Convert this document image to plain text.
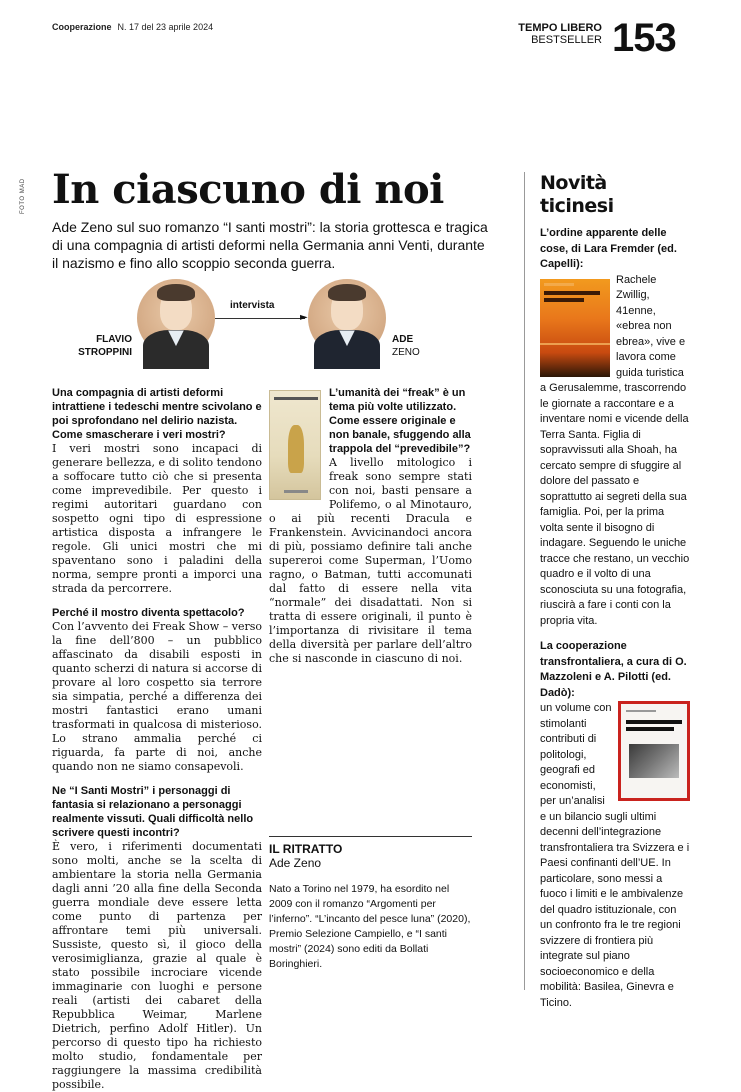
Cooperazione N. 17 del 23 aprile 2024	TEMPO LIBERO
BESTSELLER 153
FOTO MAD In ciascuno di noi

Ade Zeno sul suo romanzo “I santi mostri”: la storia grottesca e tragica di una compagnia di artisti deformi nella Germania anni Venti, durante il nazismo e fino allo scoppio seconda guerra.

FLAVIO
STROPPINI
intervista
►
ADE
ZENO

Una compagnia di artisti deformi intrattiene i tedeschi mentre scivolano e poi sprofondano nel delirio nazista. Come smascherare i veri mostri?

I veri mostri sono incapaci di generare bellezza, e di solito tendono a soffocare tutto ciò che si presenta come imprevedibile. Per questo i regimi autoritari guardano con sospetto ogni tipo di espressione artistica disposta a infrangere le regole. Gli unici mostri che mi spaventano sono i paladini della norma, sempre pronti a imporci una strada da percorrere.

Perché il mostro diventa spettacolo?

Con l’avvento dei Freak Show – verso la fine dell’800 – un pubblico affascinato da disabili esposti in quanto scherzi di natura si accorse di provare al loro cospetto sia terrore sia simpatia, perché a differenza dei mostri fantastici erano umani trasformati in qualcosa di misterioso. Lo strano ammalia perché ci riguarda, fa parte di noi, anche quando non ne siamo consapevoli.

Ne “I Santi Mostri” i personaggi di fantasia si relazionano a personaggi realmente vissuti. Quali difficoltà nello scrivere questi incontri?

È vero, i riferimenti documentati sono molti, anche se la scelta di ambientare la storia nella Germania dagli anni ’20 alla fine della Seconda guerra mondiale deve essere letta come punto di partenza per affrontare temi più universali. Sussiste, questo sì, il gioco della verosimiglianza, grazie al quale è stato possibile incrociare vicende immaginarie con luoghi e persone reali (artisti dei cabaret della Repubblica Weimar, Marlene Dietrich, perfino Adolf Hitler). Un percorso di questo tipo ha richiesto molto studio, fondamentale per raggiungere la massima credibilità possibile.

L’umanità dei “freak” è un tema più volte utilizzato. Come essere originale e non banale, sfuggendo alla trappola del “prevedibile”?

A livello mitologico i freak sono sempre stati con noi, basti pensare a Polifemo, o al Minotauro, o ai più recenti Dracula e Frankenstein. Avvicinandoci ancora di più, possiamo definire tali anche supereroi come Superman, l’Uomo ragno, o Batman, tutti accomunati dal fatto di essere nella vita “normale” dei disadattati. Non si tratta di essere originali, il punto è l’importanza di rivisitare il tema della diversità per parlare dell’altro che si nasconde in ciascuno di noi.

IL RITRATTO
Ade Zeno

Nato a Torino nel 1979, ha esordito nel 2009 con il romanzo “Argomenti per l’inferno”. “L’incanto del pesce luna” (2020), Premio Selezione Campiello, e “I santi mostri” (2024) sono editi da Bollati Boringhieri.

Novità
ticinesi

L’ordine apparente delle cose, di Lara Fremder (ed. Capelli):

Rachele Zwillig, 41enne, «ebrea non ebrea», vive e lavora come guida turistica a Gerusalemme, trascorrendo le giornate a raccontare e a inventare nomi e vicende della Terra Santa. Figlia di sopravvissuti alla Shoah, ha cercato sempre di sfuggire al dolore del passato e soprattutto ai segreti della sua famiglia. Poi, per la prima volta sente il bisogno di indagare. Seguendo le uniche tracce che restano, un vecchio quadro e il volto di una sconosciuta su una fotografia, riuscirà a fare i conti con la propria vita.

La cooperazione transfrontaliera, a cura di O. Mazzoleni e A. Pilotti (ed. Dadò):

un volume con stimolanti contributi di politologi, geografi ed economisti, per un’analisi e un bilancio sugli ultimi decenni dell’integrazione transfrontaliera tra Svizzera e i Paesi confinanti dell’UE. In particolare, sono messi a fuoco i limiti e le ambivalenze del quadro istituzionale, con un confronto fra le tre regioni svizzere di frontiera più integrate sul piano socioeconomico e della mobilità: Basilea, Ginevra e Ticino.
